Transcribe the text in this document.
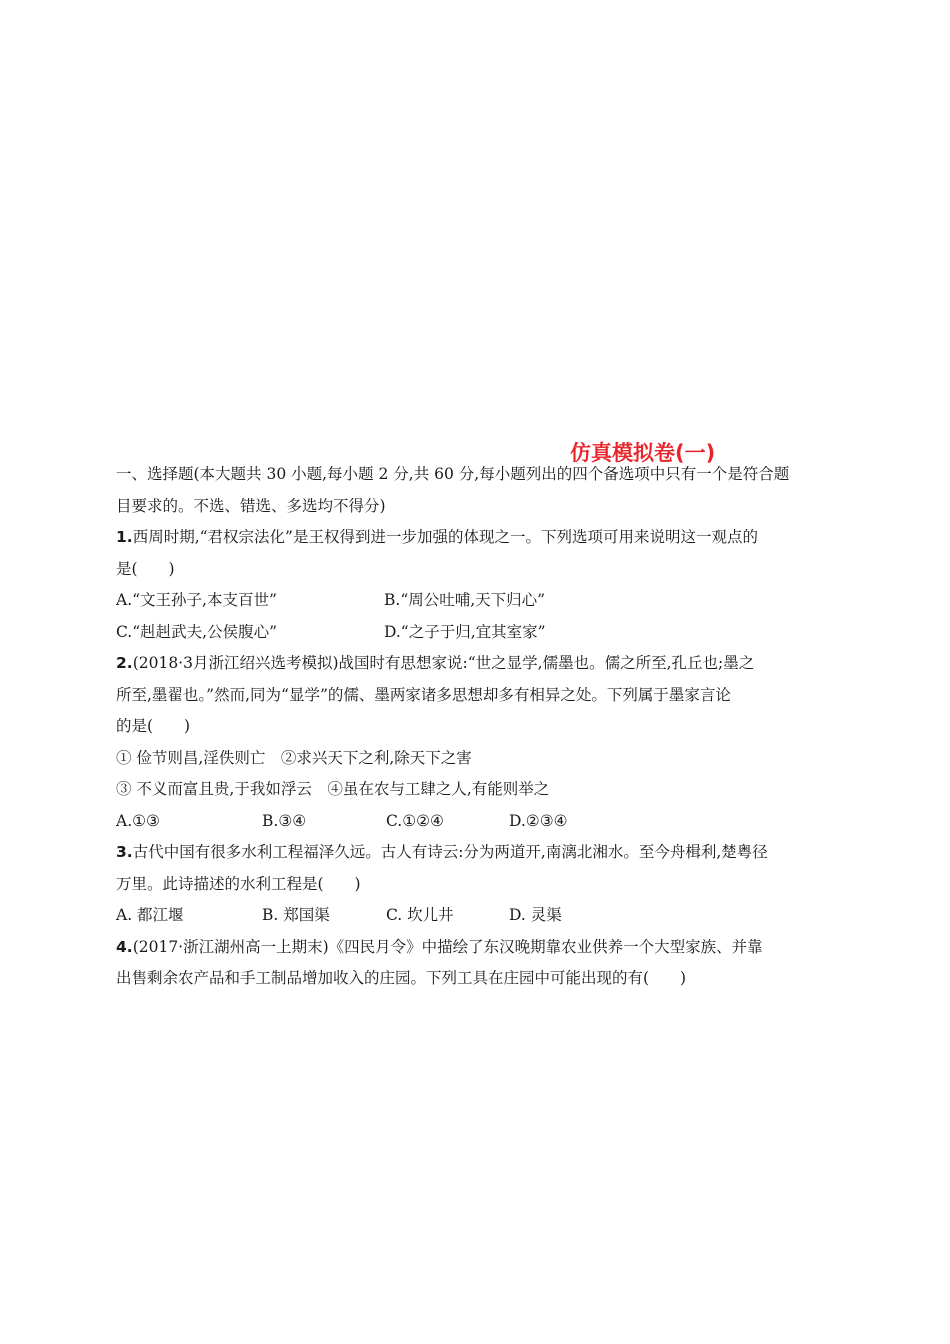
仿真模拟卷(一)
一、选择题(本大题共 30 小题,每小题 2 分,共 60 分,每小题列出的四个备选项中只有一个是符合题
目要求的。不选、错选、多选均不得分)
1.西周时期,“君权宗法化”是王权得到进一步加强的体现之一。下列选项可用来说明这一观点的
是(　　)
A.“文王孙子,本支百世”	B.“周公吐哺,天下归心”
C.“赳赳武夫,公侯腹心”	D.“之子于归,宜其室家”
2.(2018·3月浙江绍兴选考模拟)战国时有思想家说:“世之显学,儒墨也。儒之所至,孔丘也;墨之
所至,墨翟也。”然而,同为“显学”的儒、墨两家诸多思想却多有相异之处。下列属于墨家言论
的是(　　)
① 俭节则昌,淫佚则亡　②求兴天下之利,除天下之害
③ 不义而富且贵,于我如浮云　④虽在农与工肆之人,有能则举之
A.①③	B.③④	C.①②④	D.②③④
3.古代中国有很多水利工程福泽久远。古人有诗云:分为两道开,南漓北湘水。至今舟楫利,楚粤径
万里。此诗描述的水利工程是(　　)
A. 都江堰	B. 郑国渠	C. 坎儿井	D. 灵渠
4.(2017·浙江湖州高一上期末)《四民月令》中描绘了东汉晚期靠农业供养一个大型家族、并靠
出售剩余农产品和手工制品增加收入的庄园。下列工具在庄园中可能出现的有(　　)
